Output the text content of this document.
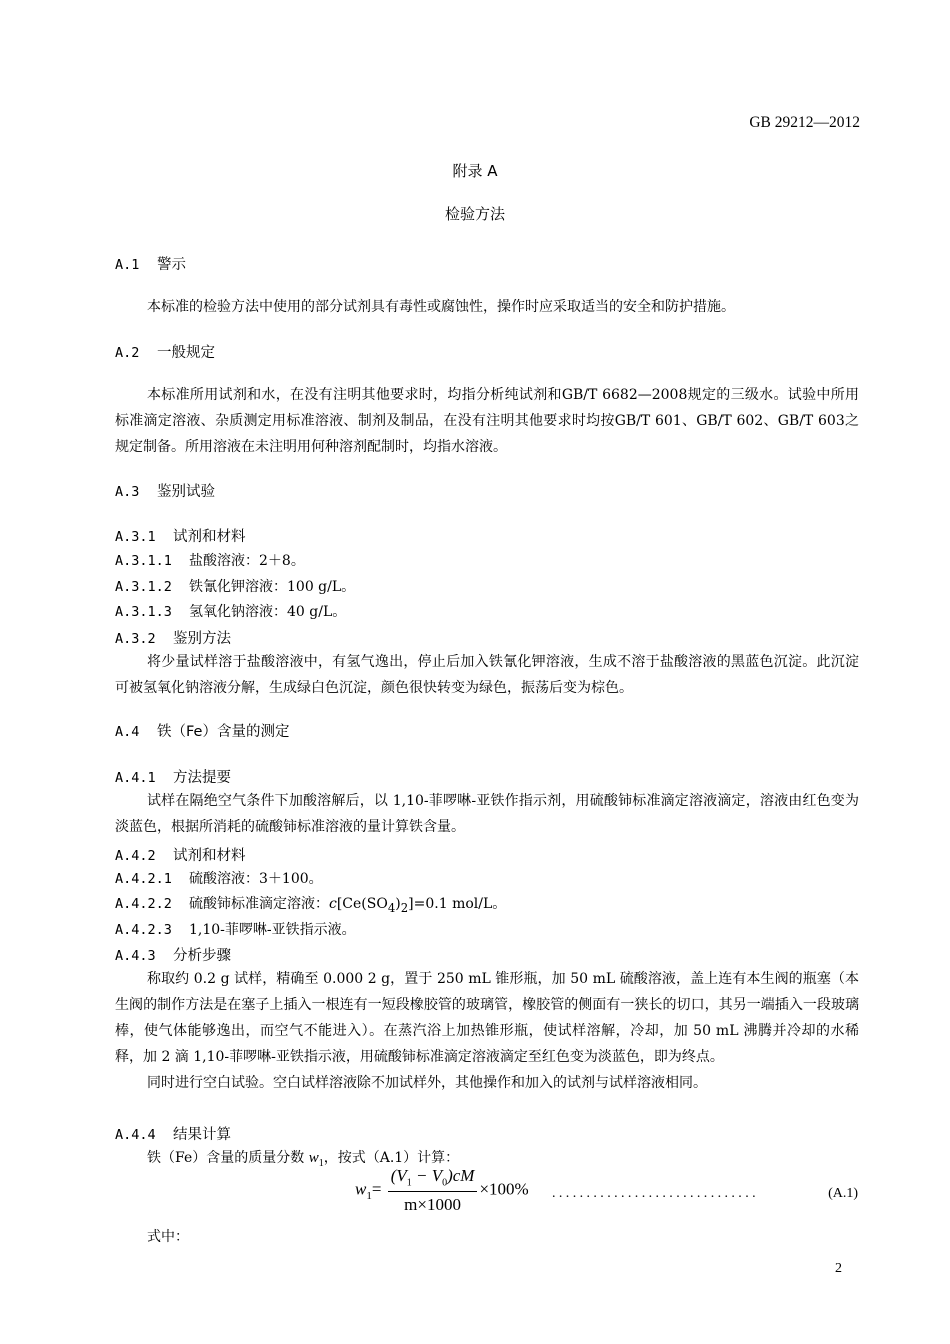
GB 29212—2012
附录 A
检验方法
A.1 警示

本标准的检验方法中使用的部分试剂具有毒性或腐蚀性，操作时应采取适当的安全和防护措施。

A.2 一般规定

本标准所用试剂和水，在没有注明其他要求时，均指分析纯试剂和GB/T 6682—2008规定的三级水。试验中所用标准滴定溶液、杂质测定用标准溶液、制剂及制品，在没有注明其他要求时均按GB/T 601、GB/T 602、GB/T 603之规定制备。所用溶液在未注明用何种溶剂配制时，均指水溶液。

A.3 鉴别试验
A.3.1 试剂和材料
A.3.1.1 盐酸溶液：2＋8。
A.3.1.2 铁氰化钾溶液：100 g/L。
A.3.1.3 氢氧化钠溶液：40 g/L。
A.3.2 鉴别方法

将少量试样溶于盐酸溶液中，有氢气逸出，停止后加入铁氰化钾溶液，生成不溶于盐酸溶液的黑蓝色沉淀。此沉淀可被氢氧化钠溶液分解，生成绿白色沉淀，颜色很快转变为绿色，振荡后变为棕色。

A.4 铁（Fe）含量的测定
A.4.1 方法提要

试样在隔绝空气条件下加酸溶解后，以 1,10-菲啰啉-亚铁作指示剂，用硫酸铈标准滴定溶液滴定，溶液由红色变为淡蓝色，根据所消耗的硫酸铈标准溶液的量计算铁含量。

A.4.2 试剂和材料
A.4.2.1 硫酸溶液：3＋100。
A.4.2.2 硫酸铈标准滴定溶液：$c[Ce(SO_4)_2]=0.1$ mol/L。
A.4.2.3 1,10-菲啰啉-亚铁指示液。
A.4.3 分析步骤

称取约 0.2 g 试样，精确至 0.000 2 g，置于 250 mL 锥形瓶，加 50 mL 硫酸溶液，盖上连有本生阀的瓶塞（本生阀的制作方法是在塞子上插入一根连有一短段橡胶管的玻璃管，橡胶管的侧面有一狭长的切口，其另一端插入一段玻璃棒，使气体能够逸出，而空气不能进入）。在蒸汽浴上加热锥形瓶，使试样溶解，冷却，加 50 mL 沸腾并冷却的水稀释，加 2 滴 1,10-菲啰啉-亚铁指示液，用硫酸铈标准滴定溶液滴定至红色变为淡蓝色，即为终点。

同时进行空白试验。空白试样溶液除不加试样外，其他操作和加入的试剂与试样溶液相同。

A.4.4 结果计算
铁（Fe）含量的质量分数 $w_1$，按式（A.1）计算：
$w_1= \frac{(V_1 - V_0)cM}{m\times 1000} \times 100\%$ ..............................	(A.1)
式中：
2
